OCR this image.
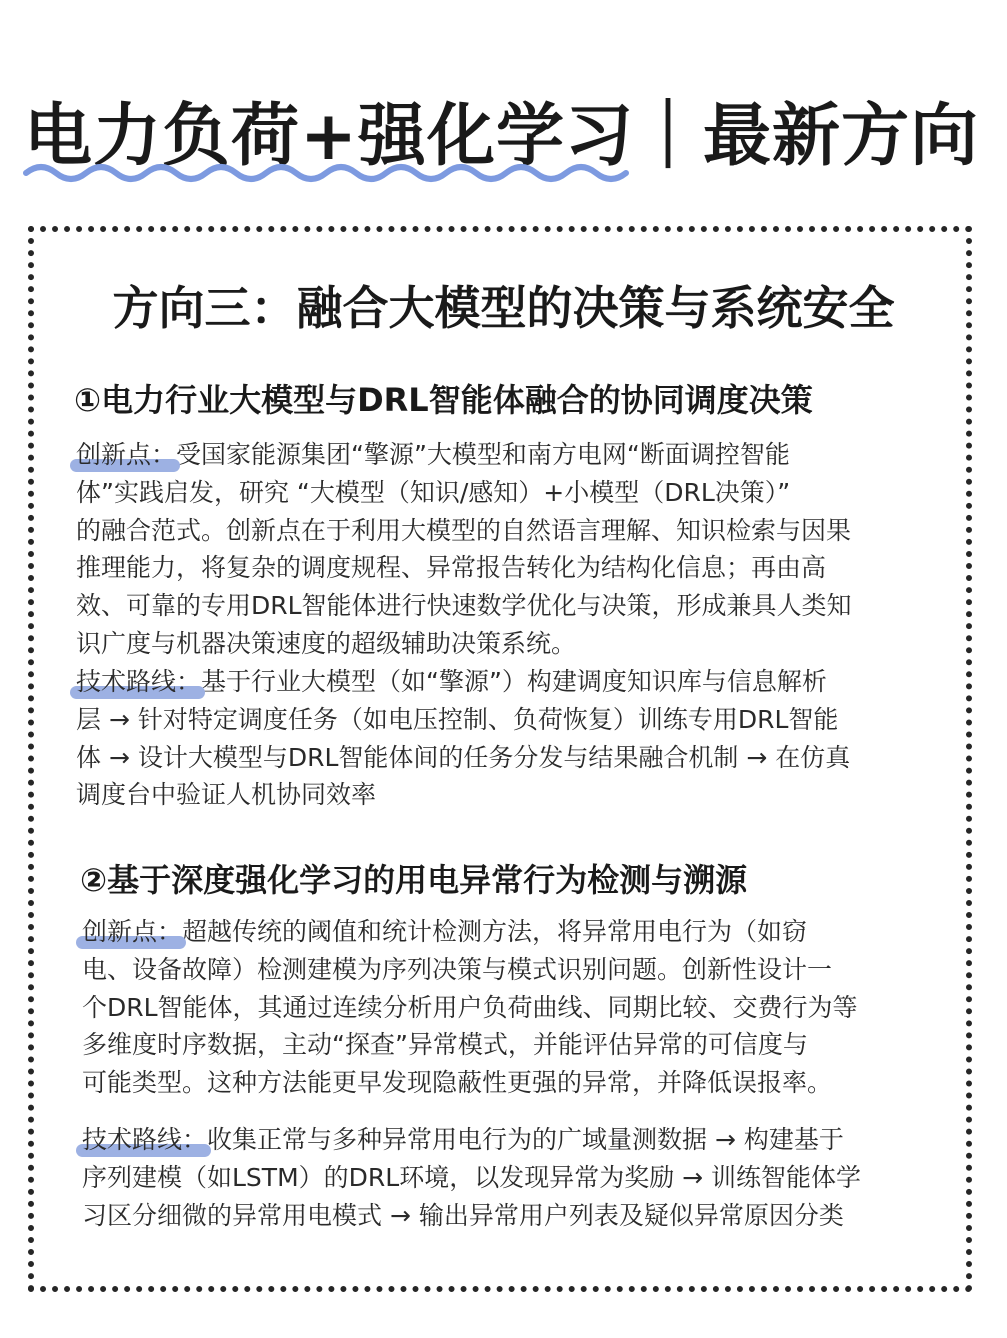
电力负荷+强化学习｜最新方向
方向三：融合大模型的决策与系统安全
①电力行业大模型与DRL智能体融合的协同调度决策
创新点：受国家能源集团“擎源”大模型和南方电网“断面调控智能
体”实践启发，研究 “大模型（知识/感知）+小模型（DRL决策）”
的融合范式。创新点在于利用大模型的自然语言理解、知识检索与因果
推理能力，将复杂的调度规程、异常报告转化为结构化信息；再由高
效、可靠的专用DRL智能体进行快速数学优化与决策，形成兼具人类知
识广度与机器决策速度的超级辅助决策系统。
技术路线：基于行业大模型（如“擎源”）构建调度知识库与信息解析
层 → 针对特定调度任务（如电压控制、负荷恢复）训练专用DRL智能
体 → 设计大模型与DRL智能体间的任务分发与结果融合机制 → 在仿真
调度台中验证人机协同效率
②基于深度强化学习的用电异常行为检测与溯源
创新点：超越传统的阈值和统计检测方法，将异常用电行为（如窃
电、设备故障）检测建模为序列决策与模式识别问题。创新性设计一
个DRL智能体，其通过连续分析用户负荷曲线、同期比较、交费行为等
多维度时序数据，主动“探查”异常模式，并能评估异常的可信度与
可能类型。这种方法能更早发现隐蔽性更强的异常，并降低误报率。
技术路线：收集正常与多种异常用电行为的广域量测数据 → 构建基于
序列建模（如LSTM）的DRL环境，以发现异常为奖励 → 训练智能体学
习区分细微的异常用电模式 → 输出异常用户列表及疑似异常原因分类
